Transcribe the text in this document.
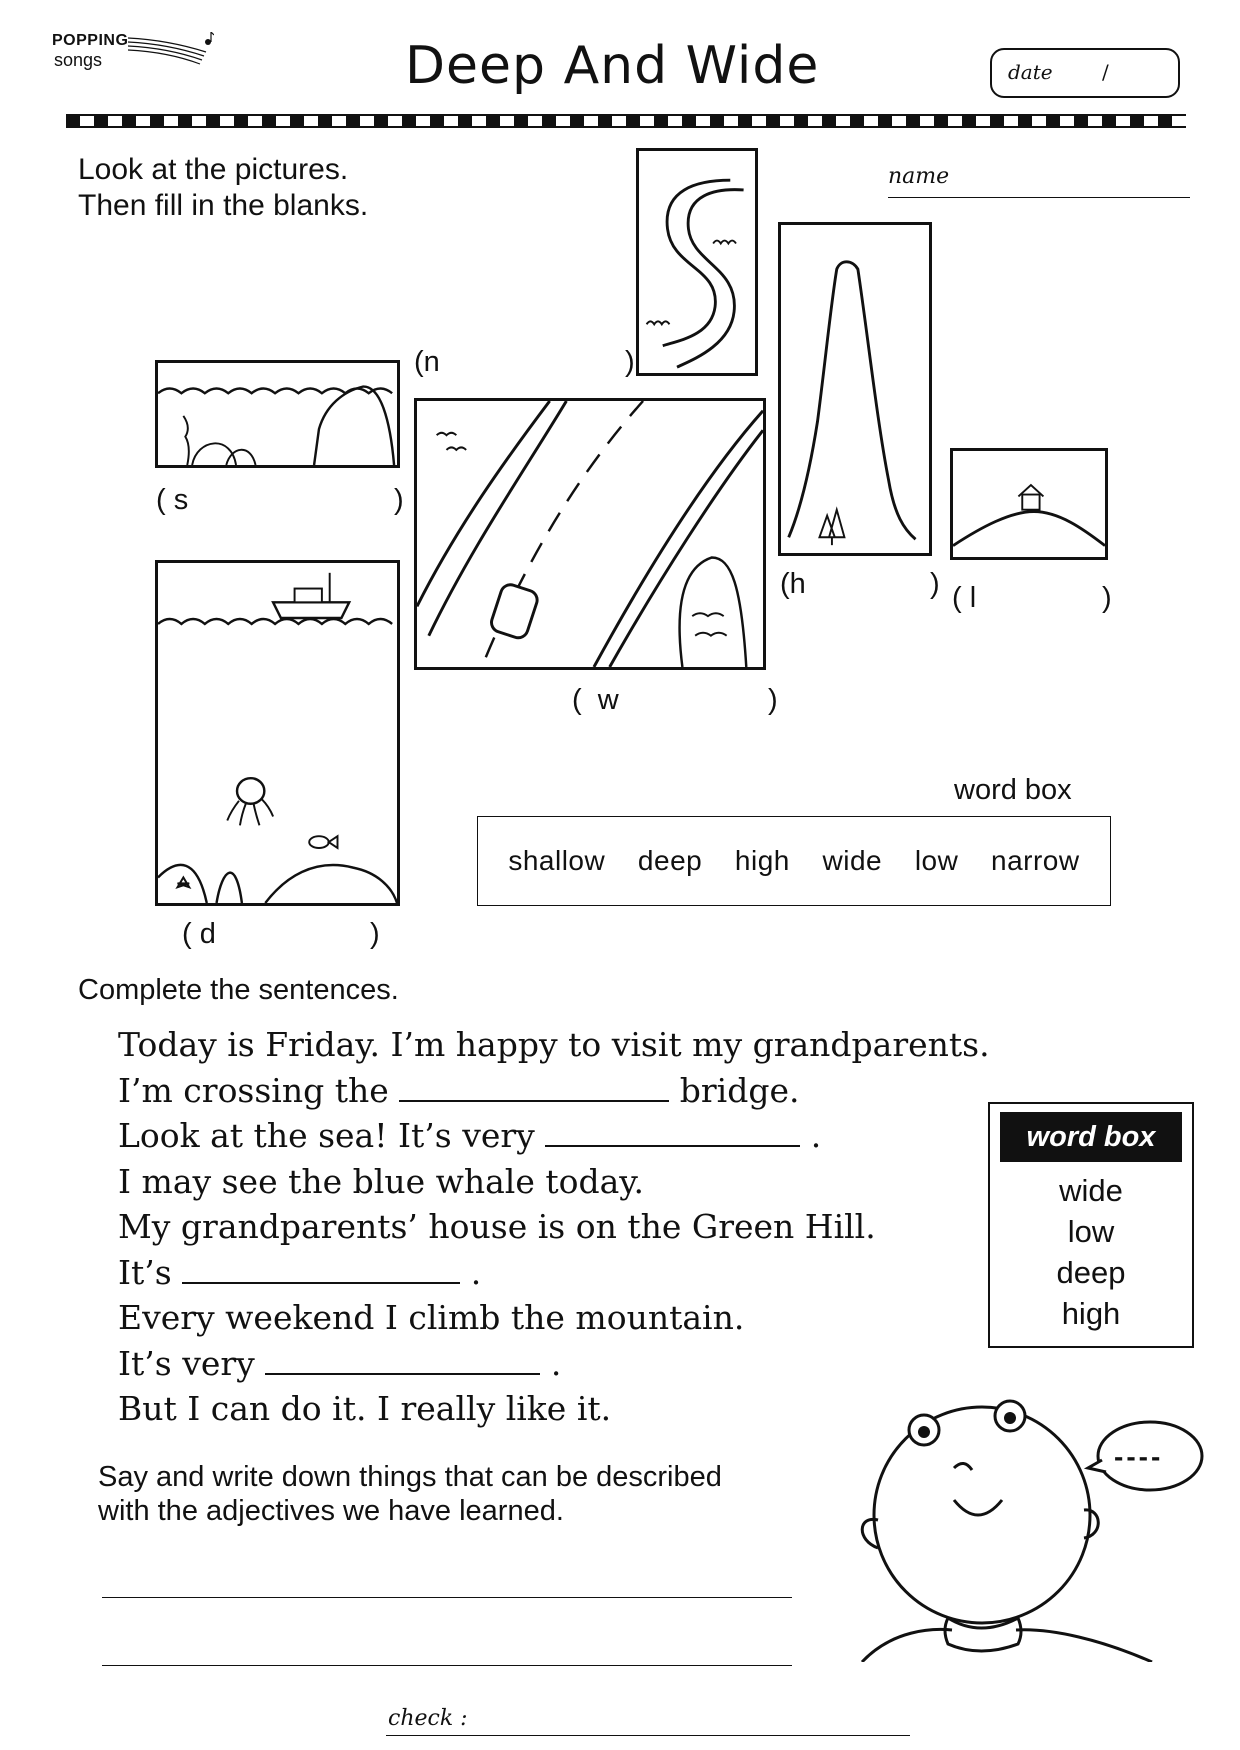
POPPING
songs	Deep And Wide	date /
Look at the pictures.
Then fill in the blanks.
name

(n

	)

(h

	)

( s

	)

(  w

	)

( l

	)

( d

	)

word box
shallow deep high wide low narrow
Complete the sentences.
Today is Friday. I’m happy to visit my grandparents.
I’m crossing the	bridge.
Look at the sea! It’s very	.
I may see the blue whale today.
My grandparents’ house is on the Green Hill.
It’s	.
Every weekend I climb the mountain.
It’s very	.
But I can do it. I really like it.
word box
wide
low
deep
high
Say and write down things that can be described
with the adjectives we have learned.
----
check :
